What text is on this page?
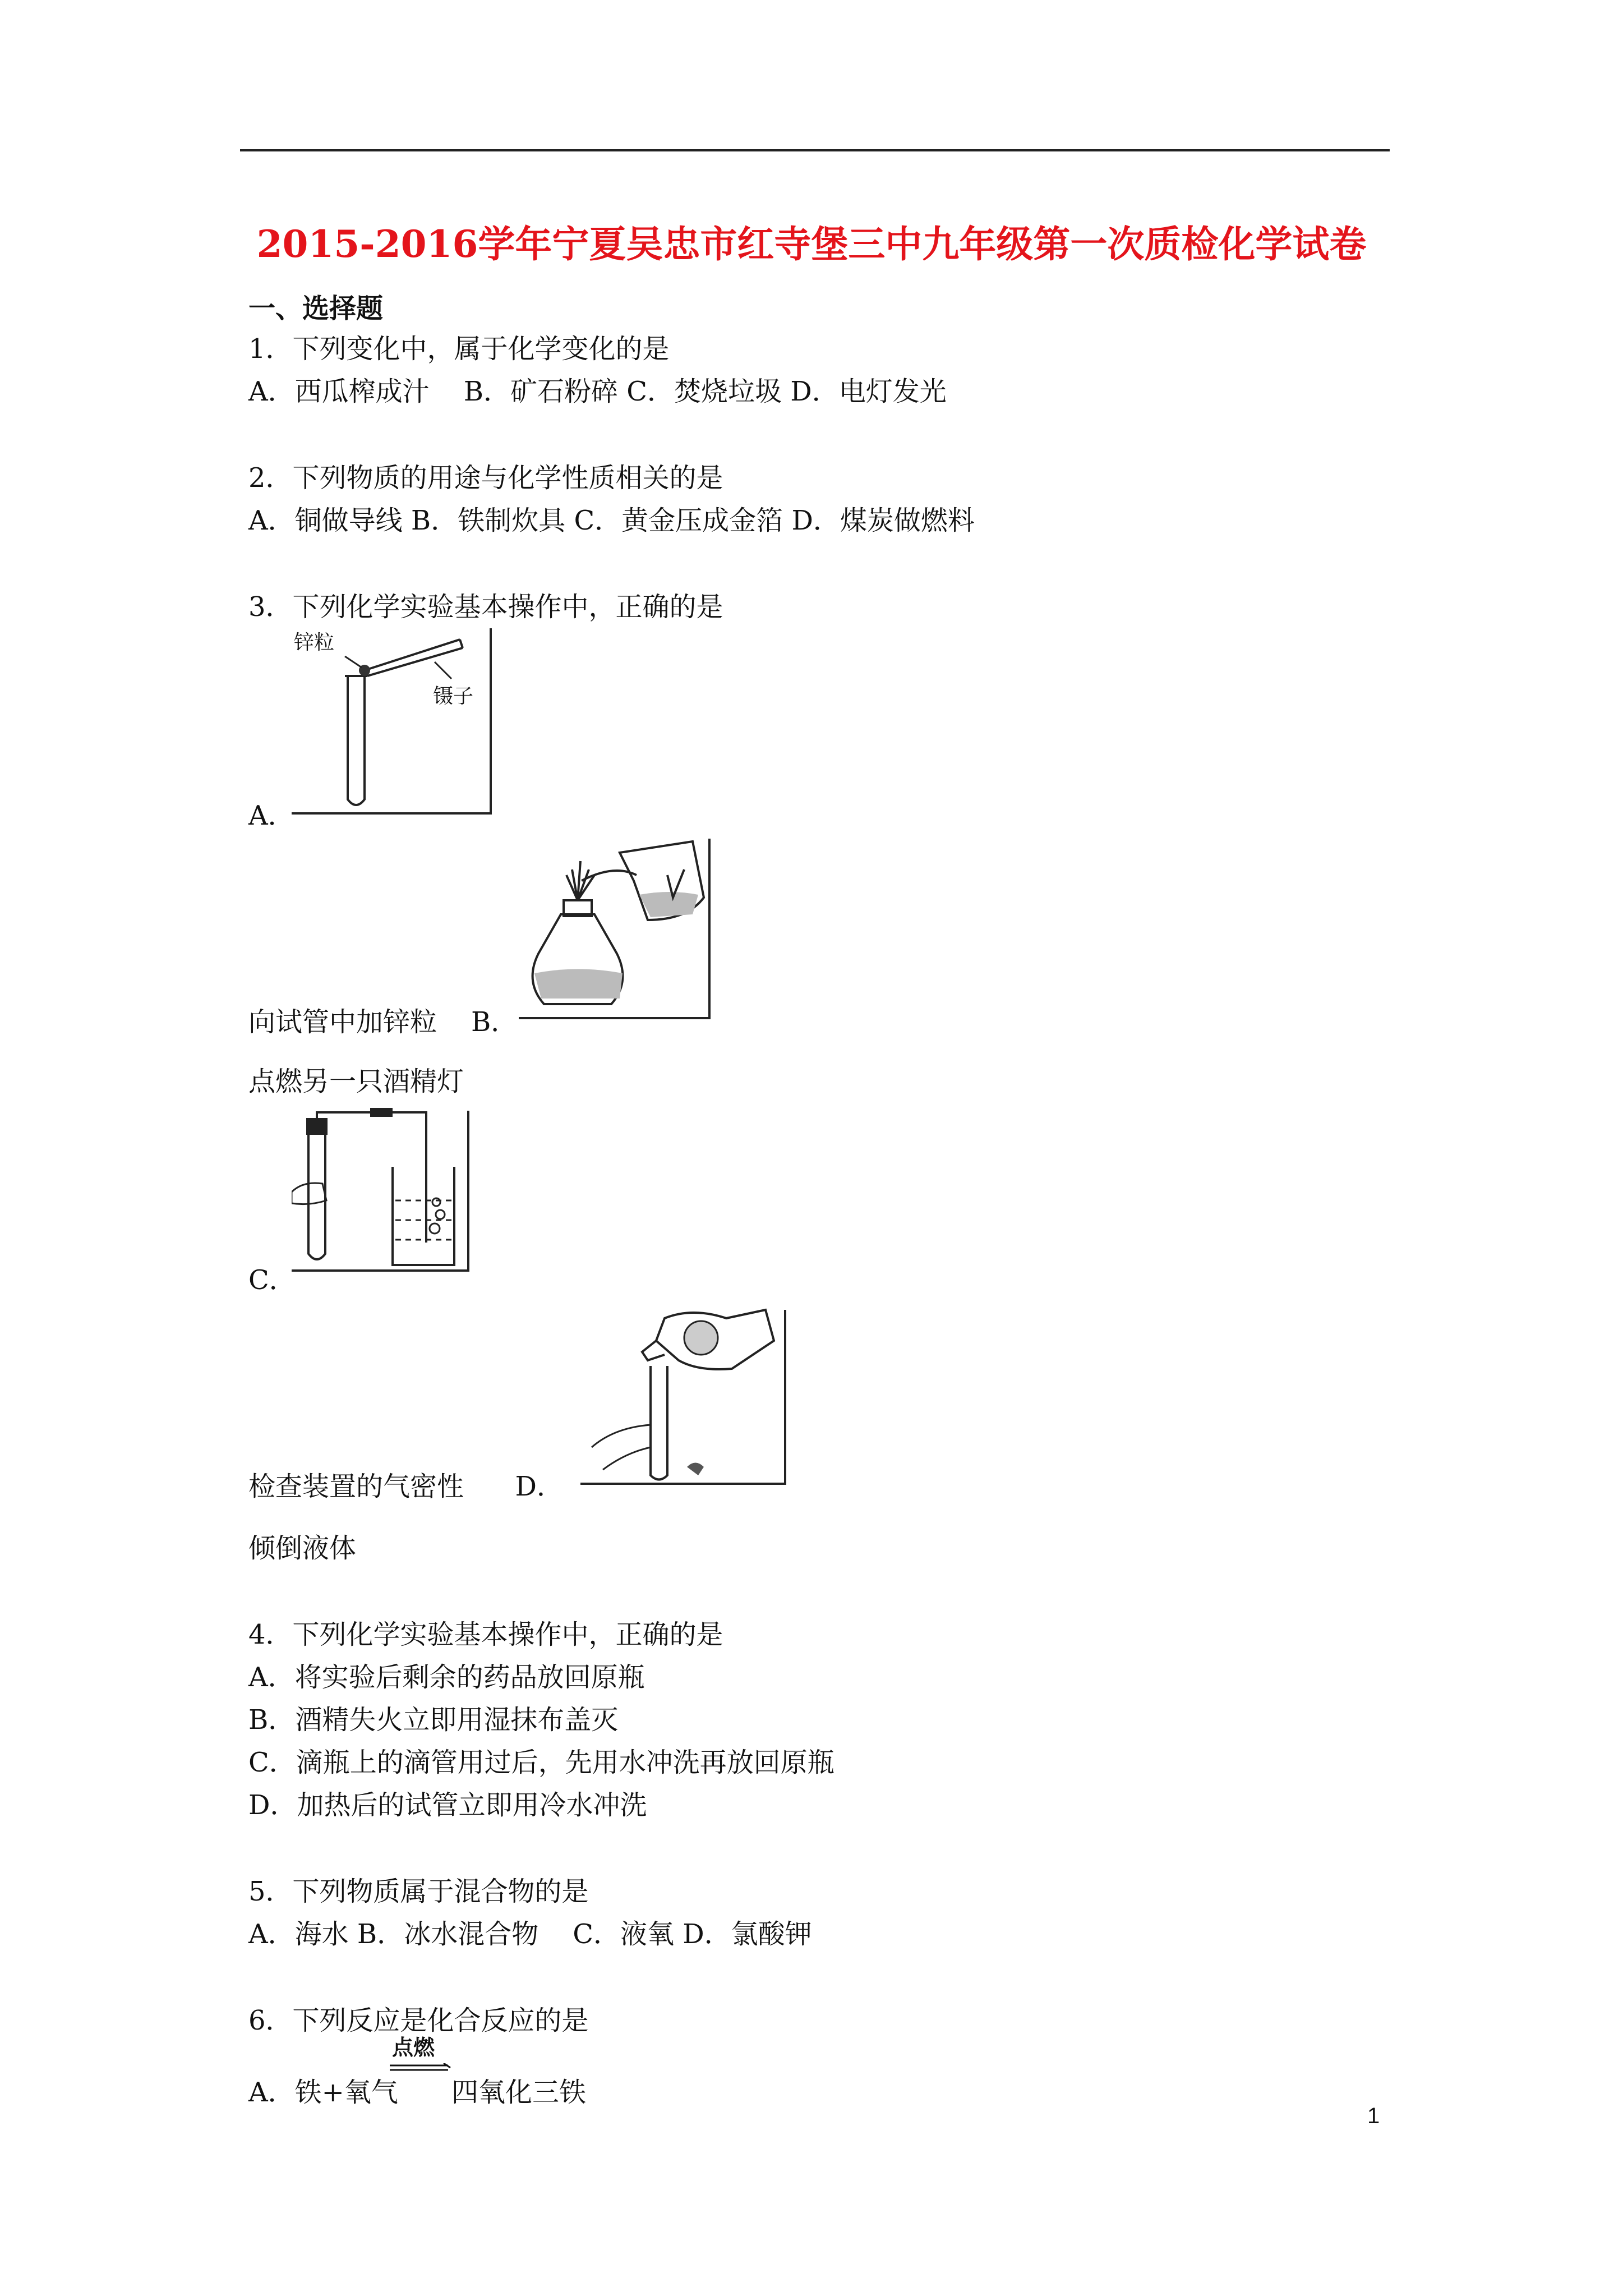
2015-2016学年宁夏吴忠市红寺堡三中九年级第一次质检化学试卷
一、选择题
1．下列变化中，属于化学变化的是
A．西瓜榨成汁    B．矿石粉碎 C．焚烧垃圾 D．电灯发光
2．下列物质的用途与化学性质相关的是
A．铜做导线 B．铁制炊具 C．黄金压成金箔 D．煤炭做燃料
3．下列化学实验基本操作中，正确的是
锌粒
镊子
A．
向试管中加锌粒    B．
点燃另一只酒精灯
C．
检查装置的气密性      D．
倾倒液体
4．下列化学实验基本操作中，正确的是
A．将实验后剩余的药品放回原瓶
B．酒精失火立即用湿抹布盖灭
C．滴瓶上的滴管用过后，先用水冲洗再放回原瓶
D．加热后的试管立即用冷水冲洗
5．下列物质属于混合物的是
A．海水 B．冰水混合物    C．液氧 D．氯酸钾
6．下列反应是化合反应的是
A．铁+氧气
点燃
四氧化三铁
1
